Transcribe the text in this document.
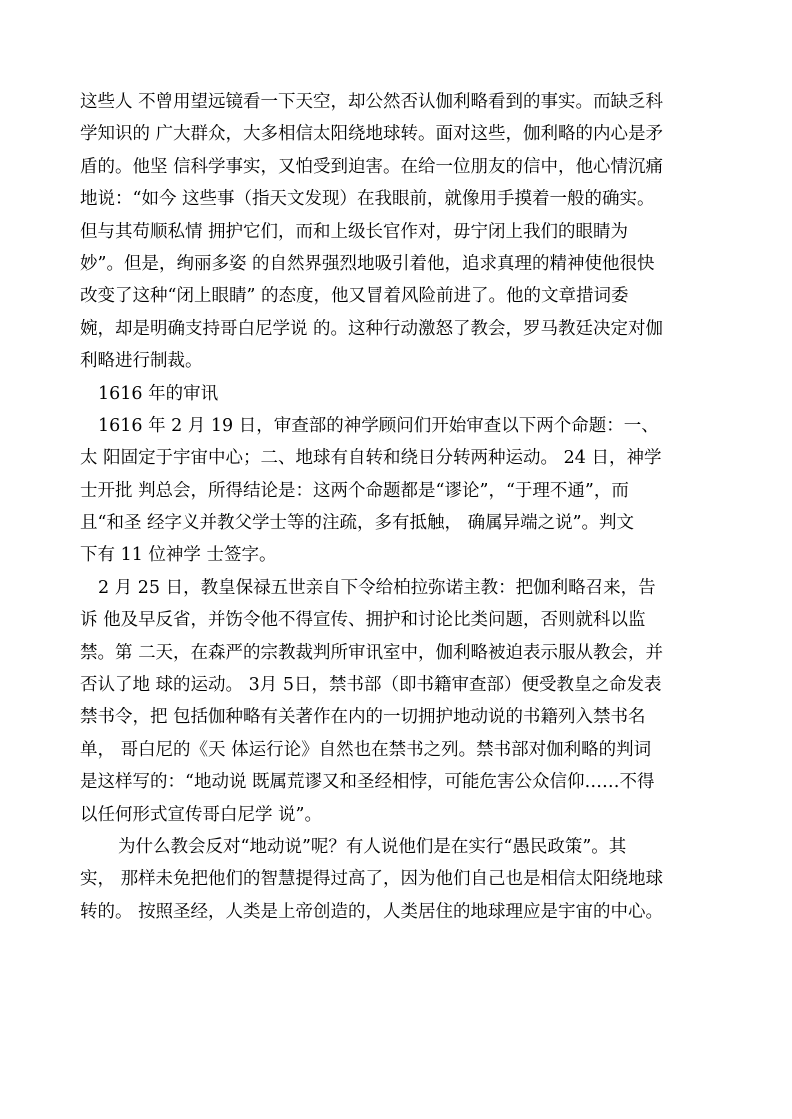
这些人 不曾用望远镜看一下天空，却公然否认伽利略看到的事实。而缺乏科
学知识的 广大群众，大多相信太阳绕地球转。面对这些，伽利略的内心是矛
盾的。他坚 信科学事实，又怕受到迫害。在给一位朋友的信中，他心情沉痛
地说：“如今 这些事（指天文发现）在我眼前，就像用手摸着一般的确实。
但与其苟顺私情 拥护它们，而和上级长官作对，毋宁闭上我们的眼睛为
妙”。但是，绚丽多姿 的自然界强烈地吸引着他，追求真理的精神使他很快
改变了这种“闭上眼睛” 的态度，他又冒着风险前进了。他的文章措词委
婉，却是明确支持哥白尼学说 的。这种行动激怒了教会，罗马教廷决定对伽
利略进行制裁。
1616 年的审讯
1616 年 2 月 19 日，审查部的神学顾问们开始审查以下两个命题：一、
太 阳固定于宇宙中心；二、地球有自转和绕日分转两种运动。 24 日，神学
士开批 判总会，所得结论是：这两个命题都是“谬论”，“于理不通”，而
且“和圣 经字义并教父学士等的注疏，多有抵触， 确属异端之说”。判文
下有 11 位神学 士签字。
2 月 25 日，教皇保禄五世亲自下令给柏拉弥诺主教：把伽利略召来，告
诉 他及早反省，并饬令他不得宣传、拥护和讨论比类问题，否则就科以监
禁。第 二天，在森严的宗教裁判所审讯室中，伽利略被迫表示服从教会，并
否认了地 球的运动。 3月 5日，禁书部（即书籍审查部）便受教皇之命发表
禁书令，把 包括伽种略有关著作在内的一切拥护地动说的书籍列入禁书名
单， 哥白尼的《天 体运行论》自然也在禁书之列。禁书部对伽利略的判词
是这样写的：“地动说 既属荒谬又和圣经相悖，可能危害公众信仰……不得
以任何形式宣传哥白尼学 说”。
为什么教会反对“地动说”呢？有人说他们是在实行“愚民政策”。其
实， 那样未免把他们的智慧提得过高了，因为他们自己也是相信太阳绕地球
转的。 按照圣经，人类是上帝创造的，人类居住的地球理应是宇宙的中心。
